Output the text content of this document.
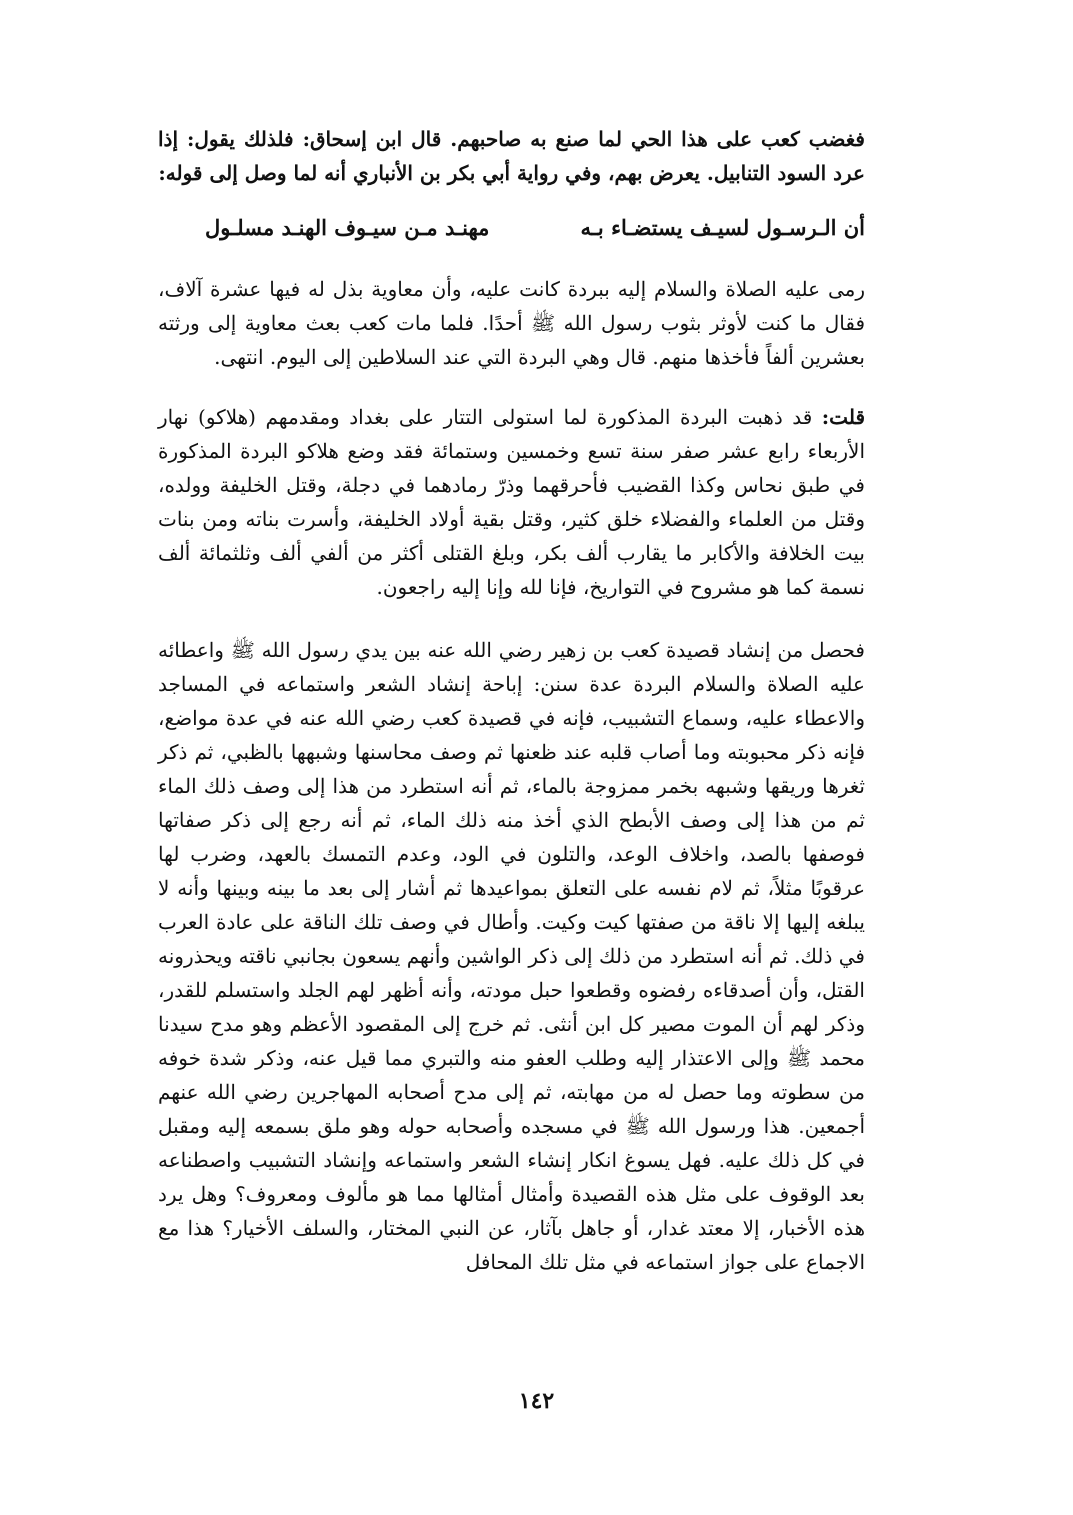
فغضب كعب على هذا الحي لما صنع به صاحبهم. قال ابن إسحاق: فلذلك يقول: إذا عرد السود التنابيل. يعرض بهم، وفي رواية أبي بكر بن الأنباري أنه لما وصل إلى قوله:

أن الـرسـول لسيـف يستضـاء بـه
مهنـد مـن سيـوف الهنـد مسلـول

رمى عليه الصلاة والسلام إليه ببردة كانت عليه، وأن معاوية بذل له فيها عشرة آلاف، فقال ما كنت لأوثر بثوب رسول الله ﷺ أحدًا. فلما مات كعب بعث معاوية إلى ورثته بعشرين ألفاً فأخذها منهم. قال وهي البردة التي عند السلاطين إلى اليوم. انتهى.

قلت: قد ذهبت البردة المذكورة لما استولى التتار على بغداد ومقدمهم (هلاكو) نهار الأربعاء رابع عشر صفر سنة تسع وخمسين وستمائة فقد وضع هلاكو البردة المذكورة في طبق نحاس وكذا القضيب فأحرقهما وذرّ رمادهما في دجلة، وقتل الخليفة وولده، وقتل من العلماء والفضلاء خلق كثير، وقتل بقية أولاد الخليفة، وأسرت بناته ومن بنات بيت الخلافة والأكابر ما يقارب ألف بكر، وبلغ القتلى أكثر من ألفي ألف وثلثمائة ألف نسمة كما هو مشروح في التواريخ، فإنا لله وإنا إليه راجعون.

فحصل من إنشاد قصيدة كعب بن زهير رضي الله عنه بين يدي رسول الله ﷺ واعطائه عليه الصلاة والسلام البردة عدة سنن: إباحة إنشاد الشعر واستماعه في المساجد والاعطاء عليه، وسماع التشبيب، فإنه في قصيدة كعب رضي الله عنه في عدة مواضع، فإنه ذكر محبوبته وما أصاب قلبه عند ظعنها ثم وصف محاسنها وشبهها بالظبي، ثم ذكر ثغرها وريقها وشبهه بخمر ممزوجة بالماء، ثم أنه استطرد من هذا إلى وصف ذلك الماء ثم من هذا إلى وصف الأبطح الذي أخذ منه ذلك الماء، ثم أنه رجع إلى ذكر صفاتها فوصفها بالصد، واخلاف الوعد، والتلون في الود، وعدم التمسك بالعهد، وضرب لها عرقوبًا مثلاً، ثم لام نفسه على التعلق بمواعيدها ثم أشار إلى بعد ما بينه وبينها وأنه لا يبلغه إليها إلا ناقة من صفتها كيت وكيت. وأطال في وصف تلك الناقة على عادة العرب في ذلك. ثم أنه استطرد من ذلك إلى ذكر الواشين وأنهم يسعون بجانبي ناقته ويحذرونه القتل، وأن أصدقاءه رفضوه وقطعوا حبل مودته، وأنه أظهر لهم الجلد واستسلم للقدر، وذكر لهم أن الموت مصير كل ابن أنثى. ثم خرج إلى المقصود الأعظم وهو مدح سيدنا محمد ﷺ وإلى الاعتذار إليه وطلب العفو منه والتبري مما قيل عنه، وذكر شدة خوفه من سطوته وما حصل له من مهابته، ثم إلى مدح أصحابه المهاجرين رضي الله عنهم أجمعين. هذا ورسول الله ﷺ في مسجده وأصحابه حوله وهو ملق بسمعه إليه ومقبل في كل ذلك عليه. فهل يسوغ انكار إنشاء الشعر واستماعه وإنشاد التشبيب واصطناعه بعد الوقوف على مثل هذه القصيدة وأمثال أمثالها مما هو مألوف ومعروف؟ وهل يرد هذه الأخبار، إلا معتد غدار، أو جاهل بآثار، عن النبي المختار، والسلف الأخيار؟ هذا مع الاجماع على جواز استماعه في مثل تلك المحافل

١٤٢
